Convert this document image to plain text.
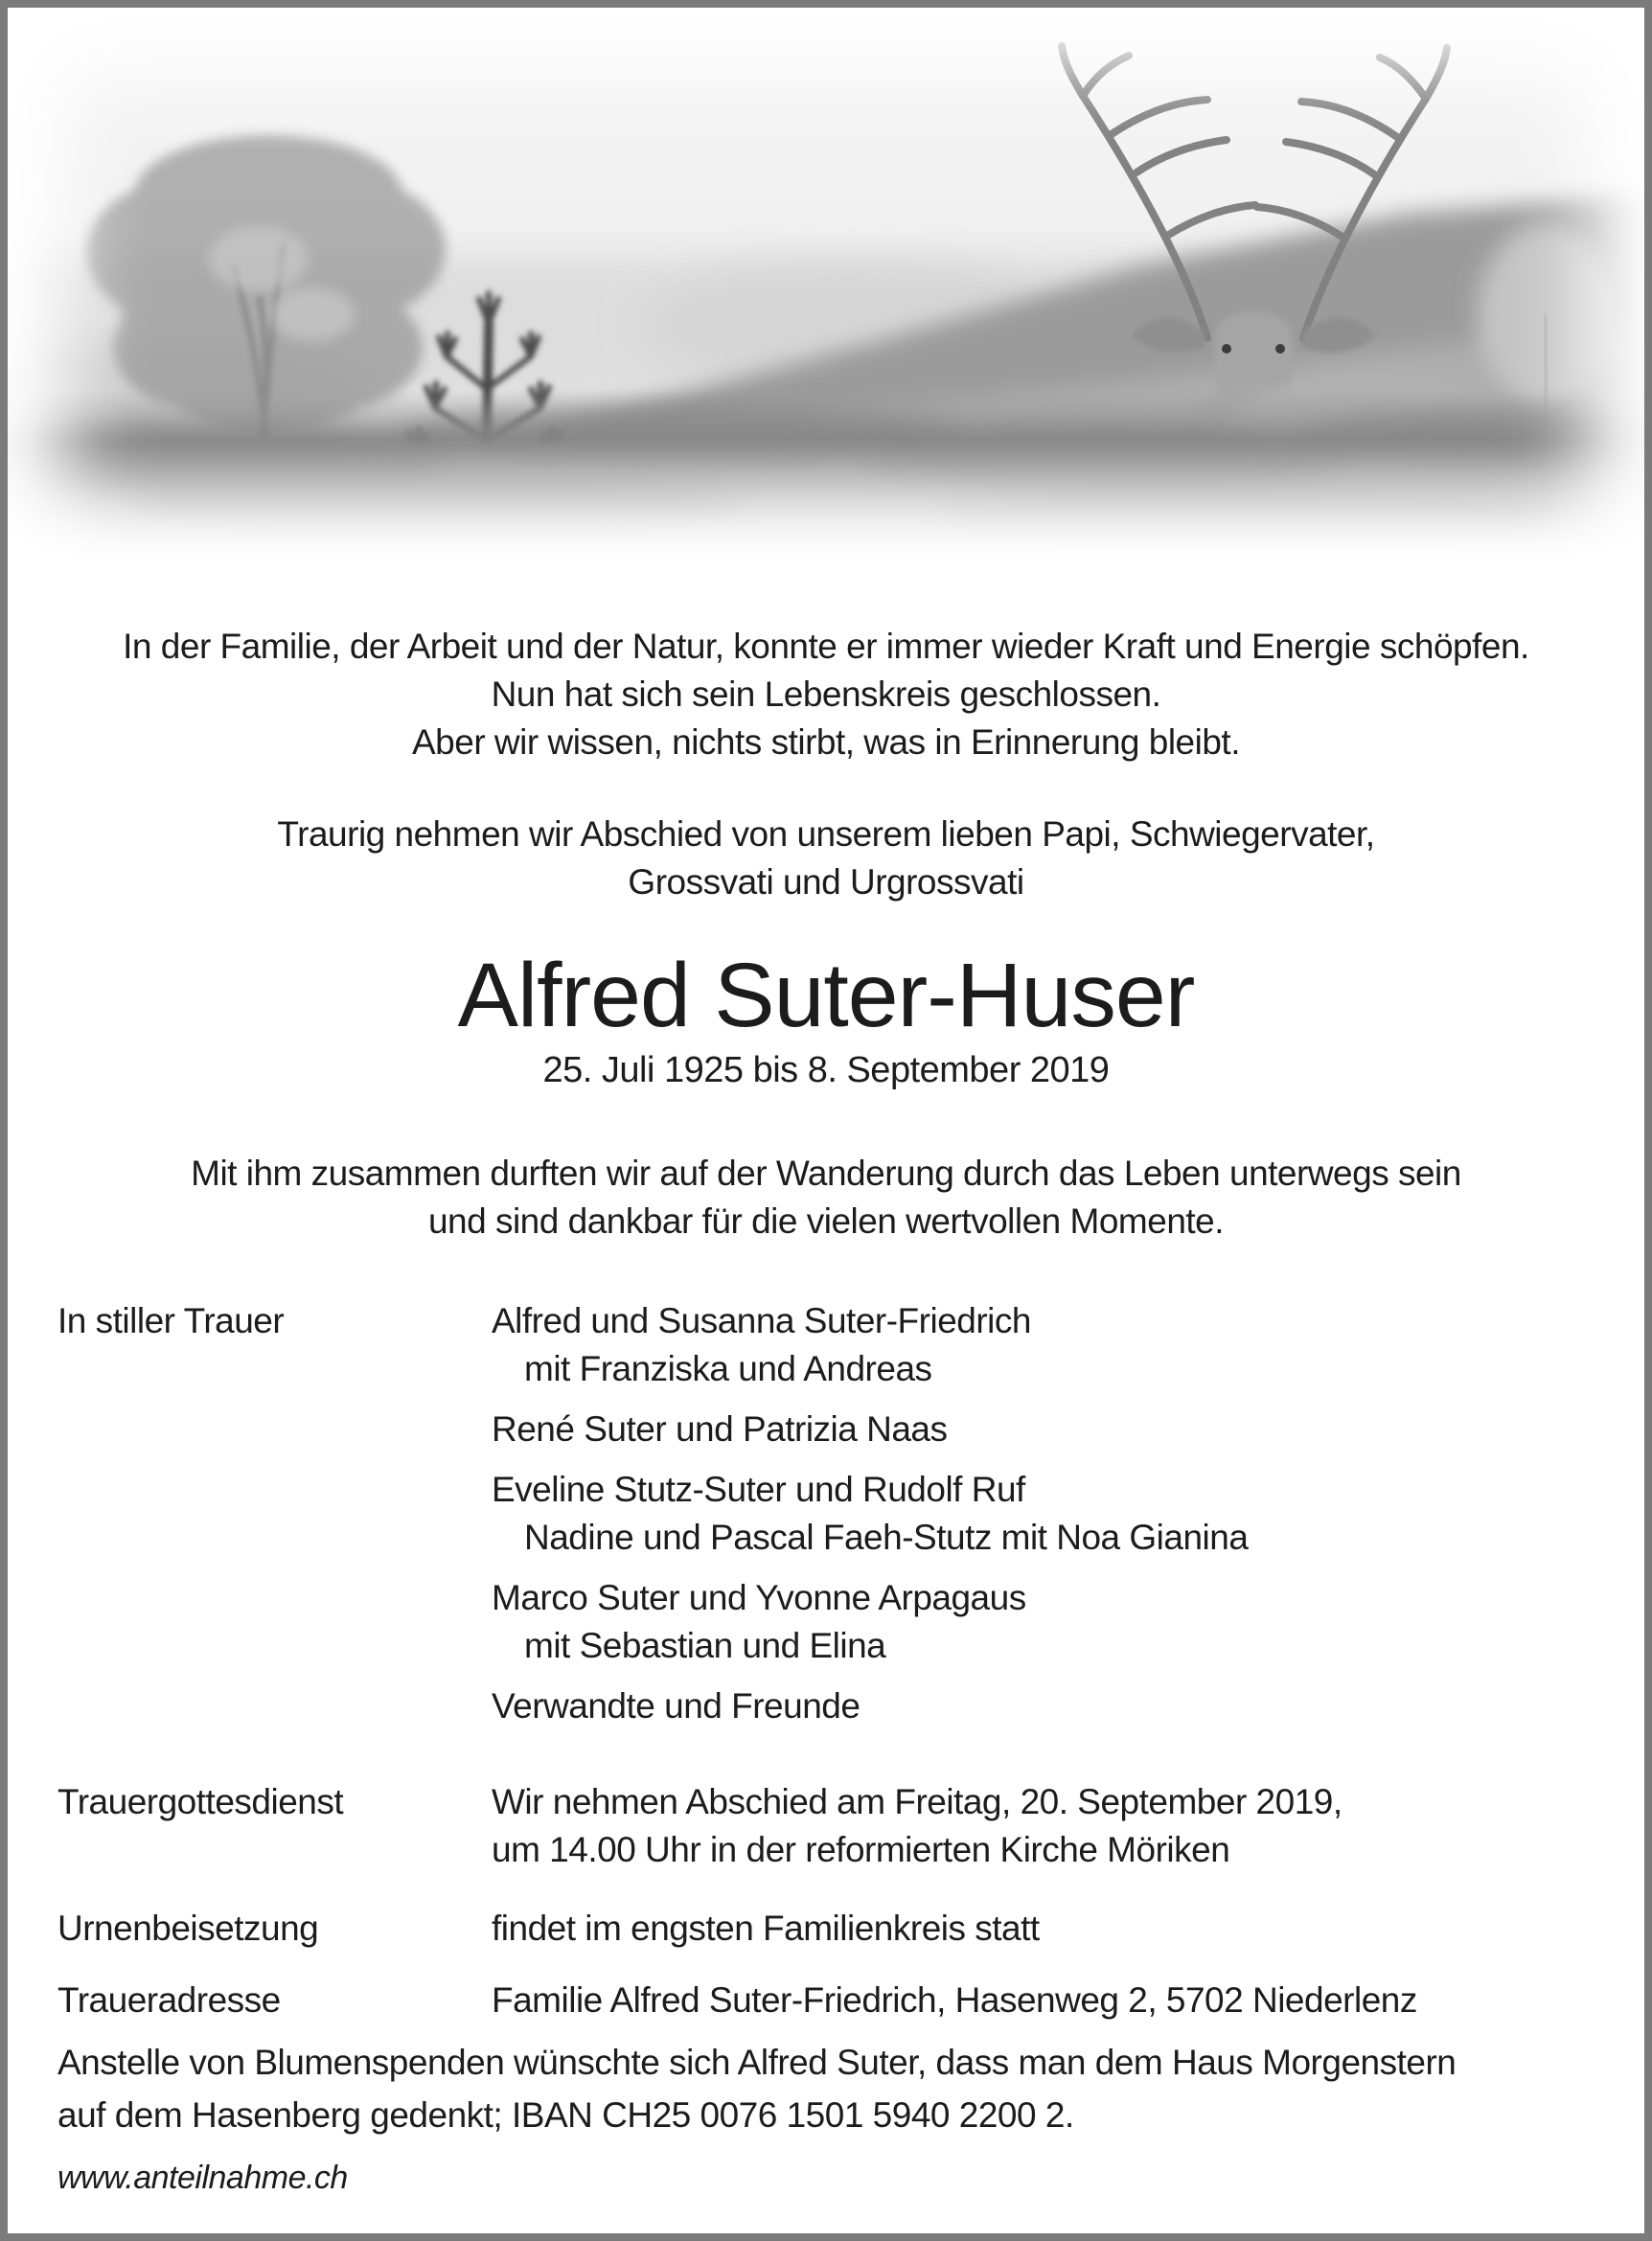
In der Familie, der Arbeit und der Natur, konnte er immer wieder Kraft und Energie schöpfen.

Nun hat sich sein Lebenskreis geschlossen.

Aber wir wissen, nichts stirbt, was in Erinnerung bleibt.

Traurig nehmen wir Abschied von unserem lieben Papi, Schwiegervater,

Grossvati und Urgrossvati

Alfred Suter-Huser
25. Juli 1925 bis 8. September 2019

Mit ihm zusammen durften wir auf der Wanderung durch das Leben unterwegs sein

und sind dankbar für die vielen wertvollen Momente.

In stiller Trauer	Alfred und Susanna Suter-Friedrich

mit Franziska und Andreas

René Suter und Patrizia Naas

Eveline Stutz-Suter und Rudolf Ruf

Nadine und Pascal Faeh-Stutz mit Noa Gianina

Marco Suter und Yvonne Arpagaus

mit Sebastian und Elina

Verwandte und Freunde

Trauergottesdienst	Wir nehmen Abschied am Freitag, 20. September 2019,

um 14.00 Uhr in der reformierten Kirche Möriken

Urnenbeisetzung	findet im engsten Familienkreis statt

Traueradresse	Familie Alfred Suter-Friedrich, Hasenweg 2, 5702 Niederlenz

Anstelle von Blumenspenden wünschte sich Alfred Suter, dass man dem Haus Morgenstern

auf dem Hasenberg gedenkt; IBAN CH25 0076 1501 5940 2200 2.

www.anteilnahme.ch
